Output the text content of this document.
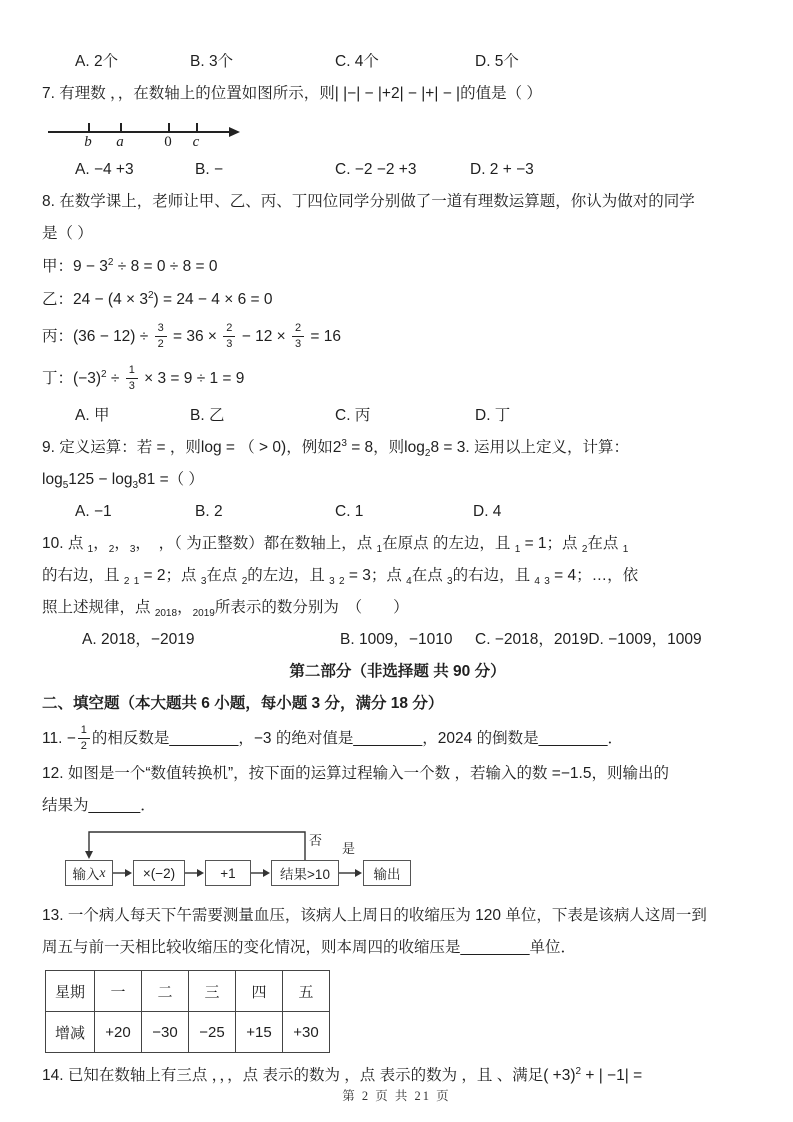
A. 2个	B. 3个	C. 4个	D. 5个
7. 有理数 ，，在数轴上的位置如图所示，则| |−| − |+2| − |+| − |的值是（ ）
b	a	0	c
A. −4 +3	B. −	C. −2 −2 +3	D. 2 + −3
8. 在数学课上，老师让甲、乙、丙、丁四位同学分别做了一道有理数运算题，你认为做对的同学
是（ ）
甲：$9 - 3^2 \div 8 = 0 \div 8 = 0$
乙：$24 - (4 \times 3^2) = 24 - 4 \times 6 = 0$
丙：$(36 - 12) \div \frac{3}{2} = 36 \times \frac{2}{3} - 12 \times \frac{2}{3} = 16$
丁：$(-3)^2 \div \frac{1}{3} \times 3 = 9 \div 1 = 9$
A. 甲	B. 乙	C. 丙	D. 丁
9. 定义运算：若 = ，则log = （ > 0)，例如$2^3 = 8$，则$\log_28 = 3$. 运用以上定义，计算：
$\log_5125 - \log_381$ =（ ）
A. −1	B. 2	C. 1	D. 4
10. 点 $_1$，$_2$，$_3$，　，（ 为正整数）都在数轴上，点 $_1$在原点 的左边，且 $_1$ = 1；点 $_2$在点 $_1$
的右边，且 $_2$ $_1$ = 2；点 $_3$在点 $_2$的左边，且 $_3$ $_2$ = 3；点 $_4$在点 $_3$的右边，且 $_4$ $_3$ = 4；…，依
照上述规律，点 $_{2018}$，$_{2019}$所表示的数分别为　（　　）
A. 2018，−2019	B. 1009，−1010	C. −2018，2019 D. −1009，1009
第二部分（非选择题 共 90 分）
二、填空题（本大题共 6 小题，每小题 3 分，满分 18 分）
11. − $\frac{1}{2}$ 的相反数是________，−3 的绝对值是________，2024 的倒数是________．
12. 如图是一个“数值转换机”，按下面的运算过程输入一个数 ，若输入的数 =−1.5，则输出的
结果为______．
输入 x	×(−2)	+1	结果>10	输出
否
是
13. 一个病人每天下午需要测量血压，该病人上周日的收缩压为 120 单位，下表是该病人这周一到
周五与前一天相比较收缩压的变化情况，则本周四的收缩压是________单位．
星期	一	二	三	四	五
增减	+20	−30	−25	+15	+30
14. 已知在数轴上有三点 ，，，点 表示的数为 ，点 表示的数为 ，且 、满足( +3)$^2$ + | −1| =
第 2 页 共 21 页
